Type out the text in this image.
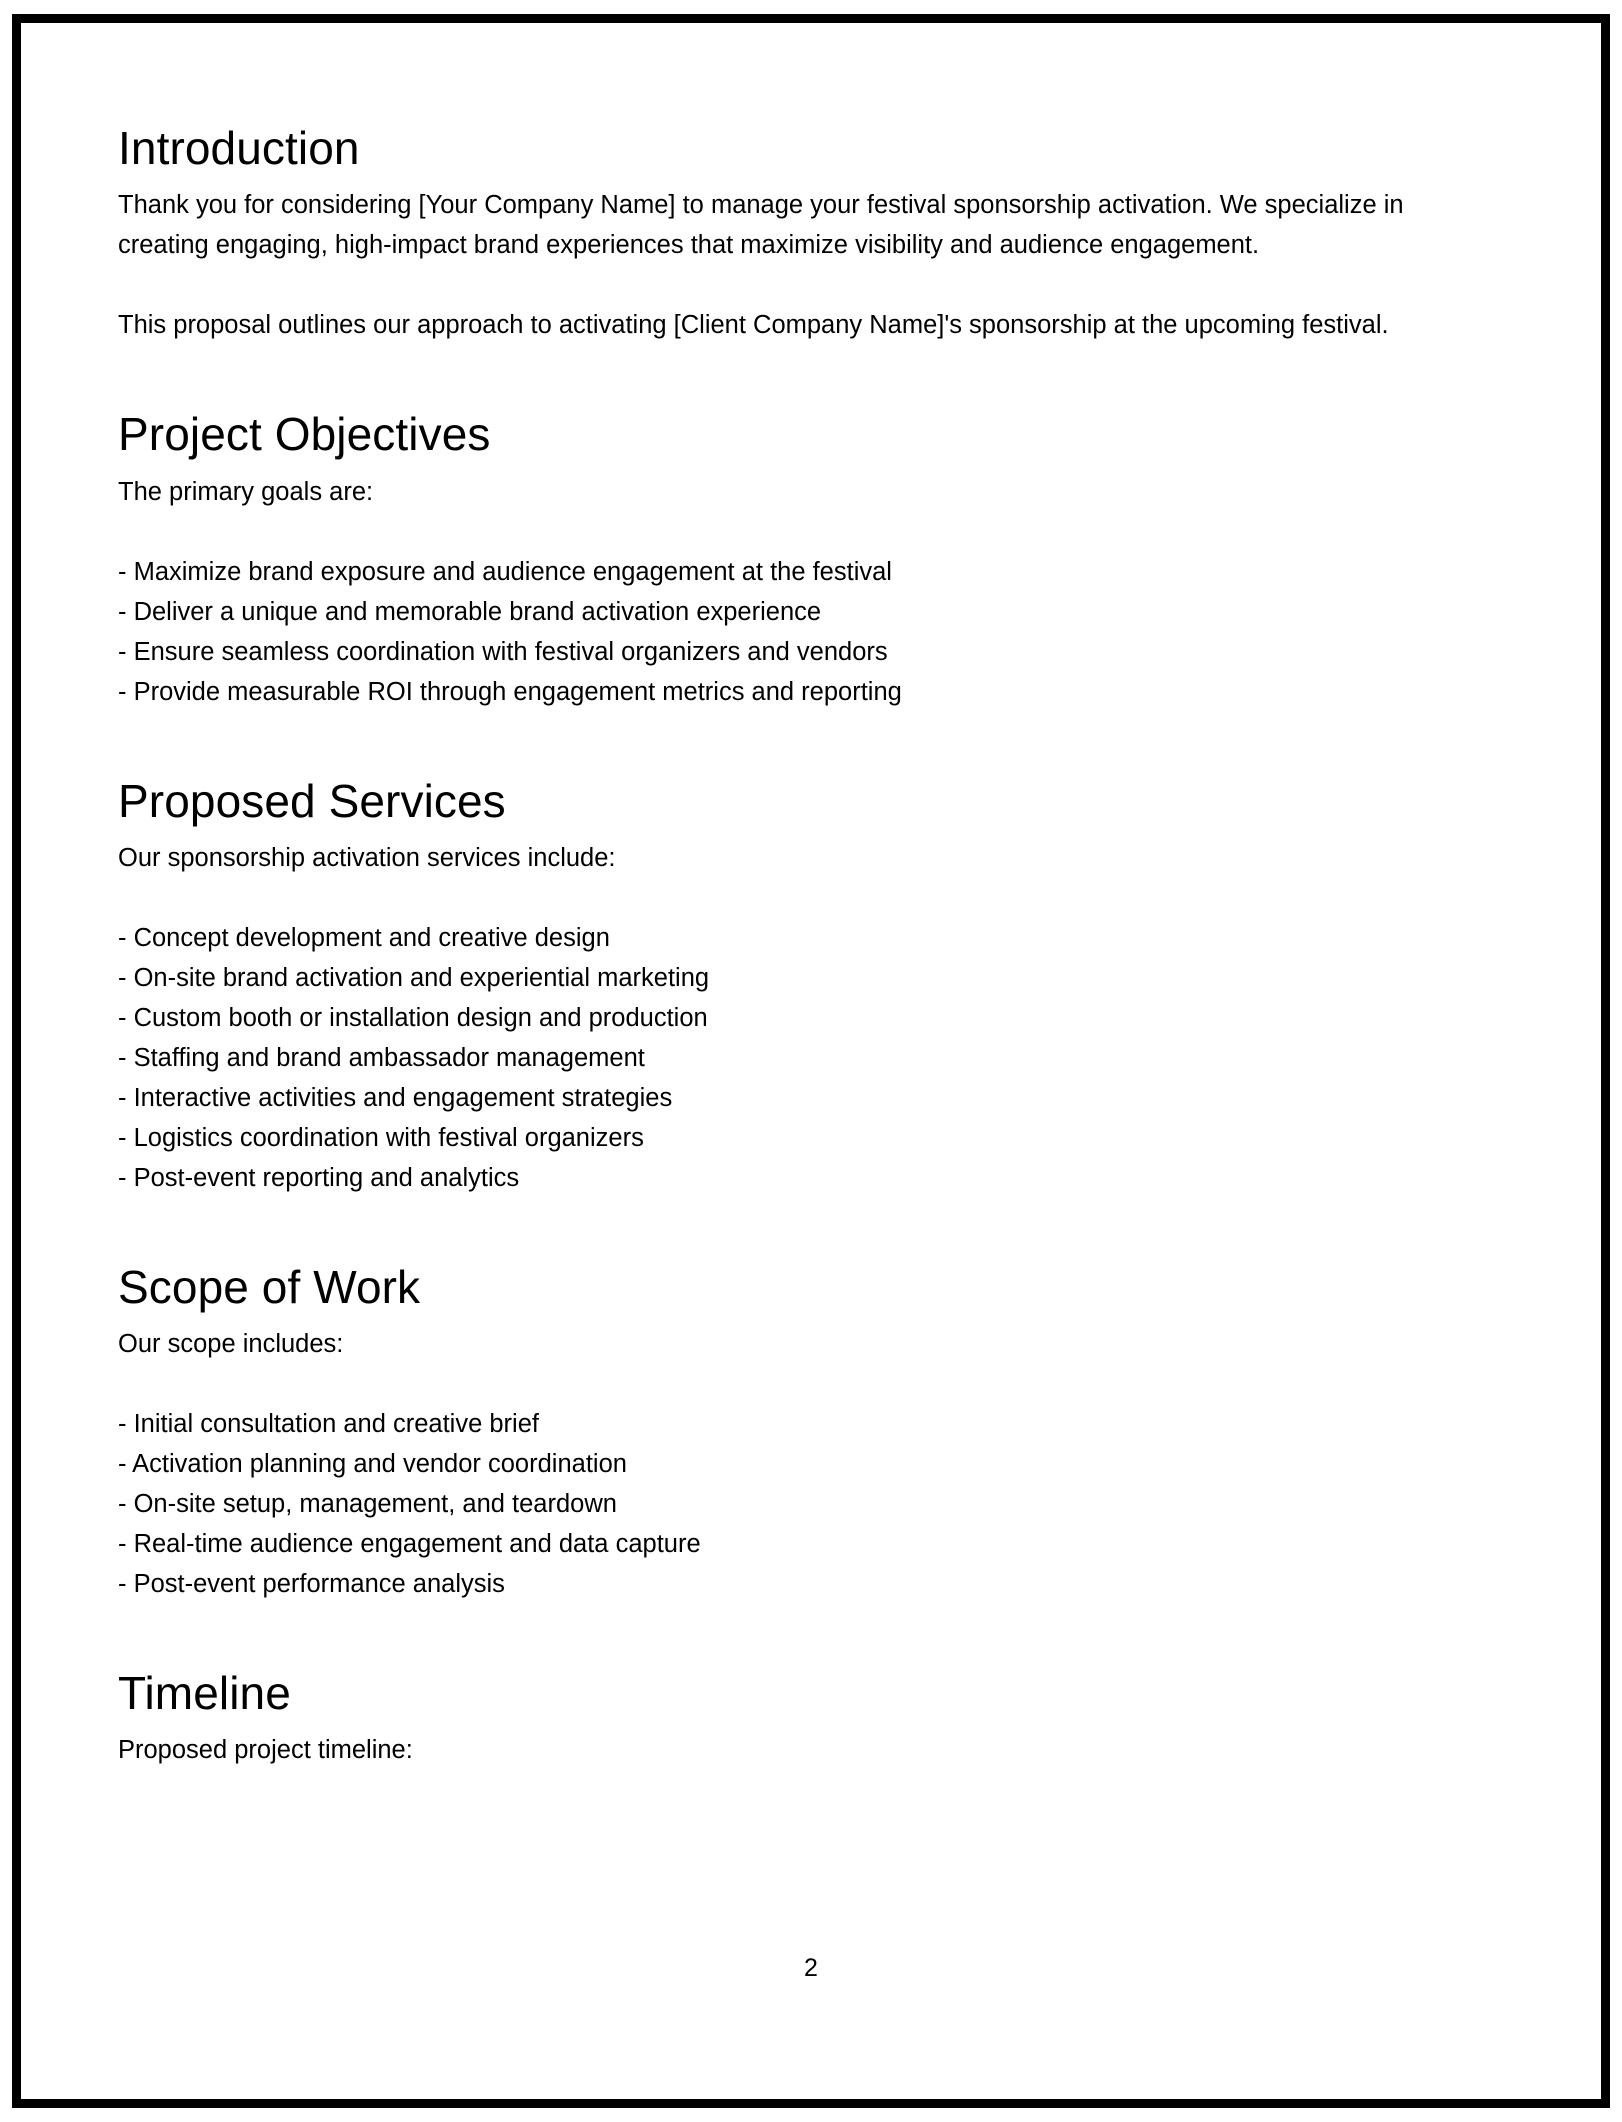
Introduction

Thank you for considering [Your Company Name] to manage your festival sponsorship activation. We specialize in creating engaging, high-impact brand experiences that maximize visibility and audience engagement.

This proposal outlines our approach to activating [Client Company Name]'s sponsorship at the upcoming festival.

Project Objectives

The primary goals are:

- Maximize brand exposure and audience engagement at the festival
- Deliver a unique and memorable brand activation experience
- Ensure seamless coordination with festival organizers and vendors
- Provide measurable ROI through engagement metrics and reporting
Proposed Services

Our sponsorship activation services include:

- Concept development and creative design
- On-site brand activation and experiential marketing
- Custom booth or installation design and production
- Staffing and brand ambassador management
- Interactive activities and engagement strategies
- Logistics coordination with festival organizers
- Post-event reporting and analytics
Scope of Work

Our scope includes:

- Initial consultation and creative brief
- Activation planning and vendor coordination
- On-site setup, management, and teardown
- Real-time audience engagement and data capture
- Post-event performance analysis
Timeline

Proposed project timeline:

2
